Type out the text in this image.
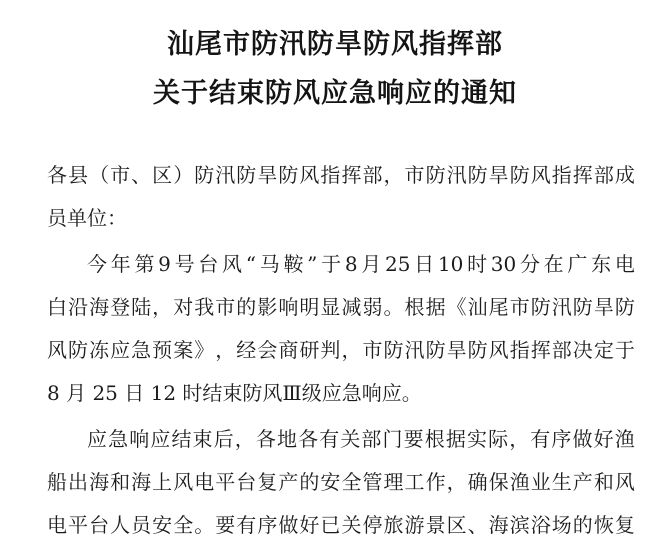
汕尾市防汛防旱防风指挥部
关于结束防风应急响应的通知
各 县 （ 市 、 区 ） 防 汛 防 旱 防 风 指 挥 部 ， 市 防 汛 防 旱 防 风 指 挥 部 成
员单位：
今 年 第 9 号 台 风 “ 马 鞍 ” 于 8 月 25 日 10 时 30 分 在 广 东 电
白 沿 海 登 陆 ， 对 我 市 的 影 响 明 显 减 弱 。 根 据 《 汕 尾 市 防 汛 防 旱 防
风 防 冻 应 急 预 案 》 ， 经 会 商 研 判 ， 市 防 汛 防 旱 防 风 指 挥 部 决 定 于
8 月 25 日 12 时结束防风Ⅲ级应急响应。
应 急 响 应 结 束 后 ， 各 地 各 有 关 部 门 要 根 据 实 际 ， 有 序 做 好 渔
船 出 海 和 海 上 风 电 平 台 复 产 的 安 全 管 理 工 作 ， 确 保 渔 业 生 产 和 风
电 平 台 人 员 安 全 。 要 有 序 做 好 已 关 停 旅 游 景 区 、 海 滨 浴 场 的 恢 复
